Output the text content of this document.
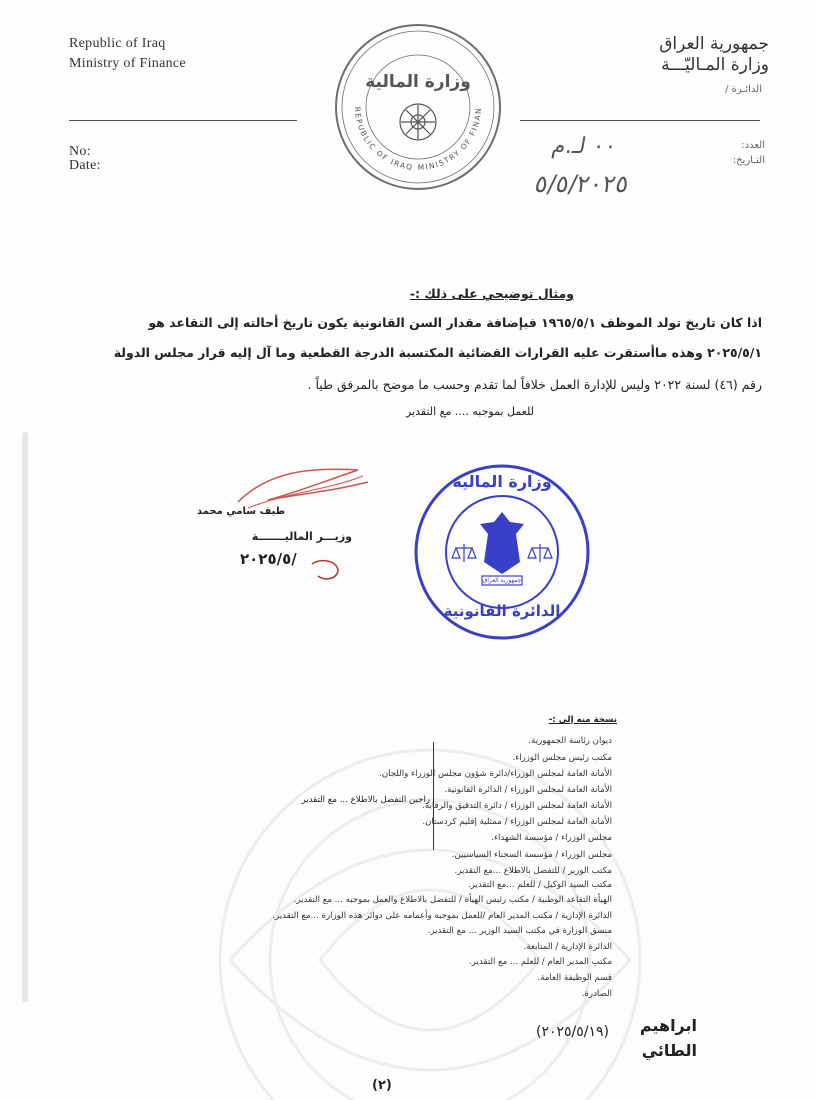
Republic of Iraq
Ministry of Finance
No:
Date:
جمهورية العراق
وزارة المـاليّـــة
الدائـرة /
العدد:
التـاريخ:
٠٠ لـ.م
٥/٥/٢٠٢٥
REPUBLIC OF IRAQ MINISTRY OF FINAN
وزارة المالية
ومثال توضيحي على ذلك :-
اذا كان تاريخ تولد الموظف ١٩٦٥/٥/١ فبإضافة مقدار السن القانونية يكون تاريخ أحالته إلى التقاعد هو
٢٠٢٥/٥/١ وهذه ماأستقرت عليه القرارات القضائية المكتسبة الدرجة القطعية وما آل إليه قرار مجلس الدولة
رقم (٤٦) لسنة ٢٠٢٢ وليس للإدارة العمل خلافاً لما تقدم وحسب ما موضح بالمرفق طياً .
للعمل بموجبه .... مع التقدير
طيف سامي محمد
وزيـــر الماليـــــــة
٢٠٢٥/٥/
وزارة المالية
الدائرة القانونية
جمهورية العراق
نسخة منه إلى :-
راجين التفضل بالاطلاع ... مع التقدير
ديوان رئاسة الجمهورية.
مكتب رئيس مجلس الوزراء.
الأمانة العامة لمجلس الوزراء/دائرة شؤون مجلس الوزراء واللجان.
الأمانة العامة لمجلس الوزراء / الدائرة القانونية.
الأمانة العامة لمجلس الوزراء / دائرة التدقيق والرقابة.
الأمانة العامة لمجلس الوزراء / ممثلية إقليم كردستان.
مجلس الوزراء / مؤسسة الشهداء.
مجلس الوزراء / مؤسسة السجناء السياسيين.
مكتب الوزير / للتفضل بالاطلاع ...مع التقدير.
مكتب السيد الوكيل / للعلم ...مع التقدير.
الهيأة التقاعد الوطنية / مكتب رئيس الهيأة / للتفضل بالاطلاع والعمل بموجبه ... مع التقدير.
الدائرة الإدارية / مكتب المدير العام /للعمل بموجبه وأعمامه على دوائر هذه الوزارة ...مع التقدير.
منسق الوزارة في مكتب السيد الوزير ... مع التقدير.
الدائرة الإدارية / المتابعة.
مكتب المدير العام / للعلم ... مع التقدير.
قسم الوظيفة العامة.
الصادرة.
ابراهيم
الطائي
(٢٠٢٥/٥/١٩)
(٢)
